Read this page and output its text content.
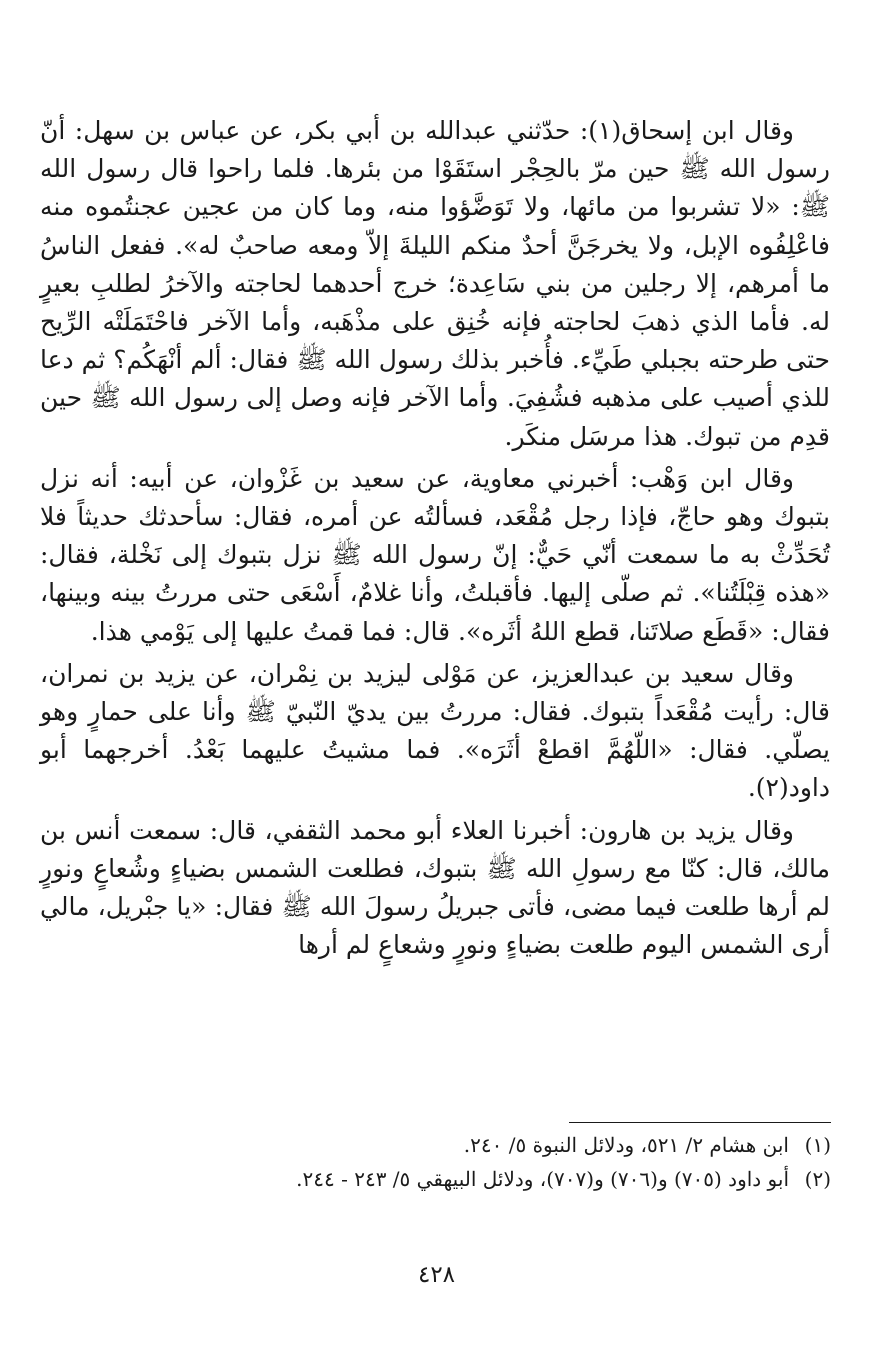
وقال ابن إسحاق(١): حدّثني عبدالله بن أبي بكر، عن عباس بن سهل: أنّ رسول الله ﷺ حين مرّ بالحِجْر استَقَوْا من بئرها. فلما راحوا قال رسول الله ﷺ: «لا تشربوا من مائها، ولا تَوَضَّؤوا منه، وما كان من عجين عجنتُموه منه فاعْلِفُوه الإبل، ولا يخرجَنَّ أحدٌ منكم الليلةَ إلاّ ومعه صاحبٌ له». ففعل الناسُ ما أمرهم، إلا رجلين من بني سَاعِدة؛ خرج أحدهما لحاجته والآخرُ لطلبِ بعيرٍ له. فأما الذي ذهبَ لحاجته فإنه خُنِق على مذْهَبه، وأما الآخر فاحْتَمَلَتْه الرِّيح حتى طرحته بجبلي طَيِّء. فأُخبر بذلك رسول الله ﷺ فقال: ألم أنْهَكُم؟ ثم دعا للذي أصيب على مذهبه فشُفِيَ. وأما الآخر فإنه وصل إلى رسول الله ﷺ حين قدِم من تبوك. هذا مرسَل منكَر.

وقال ابن وَهْب: أخبرني معاوية، عن سعيد بن غَزْوان، عن أبيه: أنه نزل بتبوك وهو حاجّ، فإذا رجل مُقْعَد، فسألتُه عن أمره، فقال: سأحدثك حديثاً فلا تُحَدِّثْ به ما سمعت أنّي حَيٌّ: إنّ رسول الله ﷺ نزل بتبوك إلى نَخْلة، فقال: «هذه قِبْلَتُنا». ثم صلّى إليها. فأقبلتُ، وأنا غلامٌ، أَسْعَى حتى مررتُ بينه وبينها، فقال: «قَطَع صلاتَنا، قطع اللهُ أثَره». قال: فما قمتُ عليها إلى يَوْمي هذا.

وقال سعيد بن عبدالعزيز، عن مَوْلى ليزيد بن نِمْران، عن يزيد بن نمران، قال: رأيت مُقْعَداً بتبوك. فقال: مررتُ بين يديّ النّبيّ ﷺ وأنا على حمارٍ وهو يصلّي. فقال: «اللّهُمَّ اقطعْ أثَرَه». فما مشيتُ عليهما بَعْدُ. أخرجهما أبو داود(٢).

وقال يزيد بن هارون: أخبرنا العلاء أبو محمد الثقفي، قال: سمعت أنس بن مالك، قال: كنّا مع رسولِ الله ﷺ بتبوك، فطلعت الشمس بضياءٍ وشُعاعٍ ونورٍ لم أرها طلعت فيما مضى، فأتى جبريلُ رسولَ الله ﷺ فقال: «يا جبْريل، مالي أرى الشمس اليوم طلعت بضياءٍ ونورٍ وشعاعٍ لم أرها

(١)ابن هشام ٢/ ٥٢١، ودلائل النبوة ٥/ ٢٤٠.
(٢)أبو داود (٧٠٥) و(٧٠٦) و(٧٠٧)، ودلائل البيهقي ٥/ ٢٤٣ - ٢٤٤.
٤٢٨
